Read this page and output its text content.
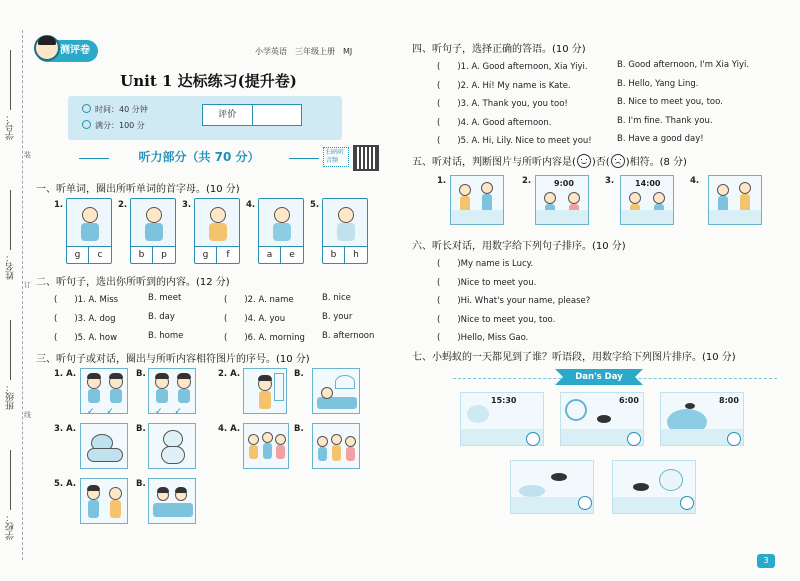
学号：
姓名：
班级：
学校：
装
订
线
测评卷	小学英语　三年级上册　MJ
Unit 1 达标练习(提升卷)
时间：40 分钟
满分：100 分
评价
听力部分（共 70 分）	扫码听音频
一、听单词，圈出所听单词的首字母。(10 分)
1.
g	c
2.
b	p
3.
g	f
4.
a	e
5.
b	h
二、听句子，选出你所听到的内容。(12 分)
(　　)1. A. Miss	B. meet	(　　)2. A. name	B. nice
(　　)3. A. dog	B. day	(　　)4. A. you	B. your
(　　)5. A. how	B. home	(　　)6. A. morning B. afternoon
三、听句子或对话，圈出与所听内容相符图片的序号。(10 分)
1. A.
✓　 ✓
B.
✓　 ✓
2. A.	B.
3. A.	B.	4. A.	B.
5. A.	B.
四、听句子，选择正确的答语。(10 分)
(　　)1. A. Good afternoon, Xia Yiyi.	B. Good afternoon, I'm Xia Yiyi.
(　　)2. A. Hi! My name is Kate.	B. Hello, Yang Ling.
(　　)3. A. Thank you, you too!	B. Nice to meet you, too.
(　　)4. A. Good afternoon.	B. I'm fine. Thank you.
(　　)5. A. Hi, Lily. Nice to meet you!	B. Have a good day!
五、听对话，判断图片与所听内容是( )否( )相符。(8 分)
1.	2.	9:00	3.	14:00	4.
六、听长对话，用数字给下列句子排序。(10 分)
(　　)My name is Lucy.
(　　)Nice to meet you.
(　　)Hi. What's your name, please?
(　　)Nice to meet you, too.
(　　)Hello, Miss Gao.
七、小蚂蚁的一天都见到了谁？听语段，用数字给下列图片排序。(10 分)
Dan's Day
15:30	6:00	8:00
3
